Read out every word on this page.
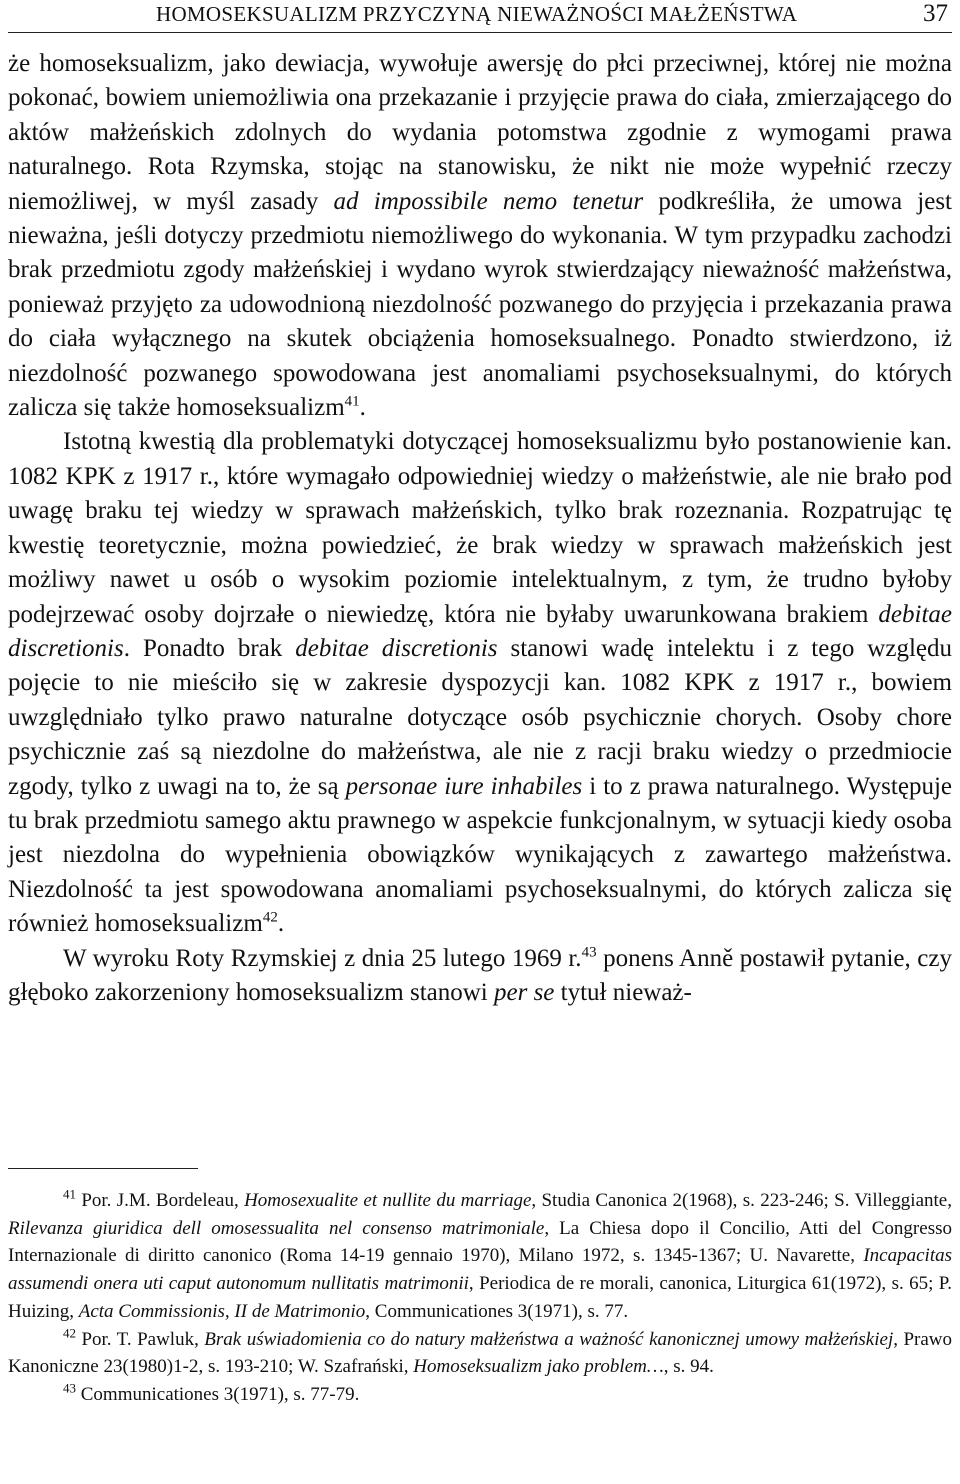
HOMOSEKSUALIZM PRZYCZYNĄ NIEWAŻNOŚCI MAŁŻEŃSTWA	37

że homoseksualizm, jako dewiacja, wywołuje awersję do płci przeciwnej, której nie można pokonać, bowiem uniemożliwia ona przekazanie i przyjęcie prawa do ciała, zmierzającego do aktów małżeńskich zdolnych do wydania potomstwa zgodnie z wymogami prawa naturalnego. Rota Rzymska, stojąc na stanowisku, że nikt nie może wypełnić rzeczy niemożliwej, w myśl zasady ad impossibile nemo tenetur podkreśliła, że umowa jest nieważna, jeśli dotyczy przedmiotu niemożliwego do wykonania. W tym przypadku zachodzi brak przedmiotu zgody małżeńskiej i wydano wyrok stwierdzający nieważność małżeństwa, ponieważ przyjęto za udowodnioną niezdolność pozwanego do przyjęcia i przekazania prawa do ciała wyłącznego na skutek obciążenia homoseksualnego. Ponadto stwierdzono, iż niezdolność pozwanego spowodowana jest anomaliami psychoseksualnymi, do których zalicza się także homoseksualizm$^{41}$.

Istotną kwestią dla problematyki dotyczącej homoseksualizmu było postanowienie kan. 1082 KPK z 1917 r., które wymagało odpowiedniej wiedzy o małżeństwie, ale nie brało pod uwagę braku tej wiedzy w sprawach małżeńskich, tylko brak rozeznania. Rozpatrując tę kwestię teoretycznie, można powiedzieć, że brak wiedzy w sprawach małżeńskich jest możliwy nawet u osób o wysokim poziomie intelektualnym, z tym, że trudno byłoby podejrzewać osoby dojrzałe o niewiedzę, która nie byłaby uwarunkowana brakiem debitae discretionis. Ponadto brak debitae discretionis stanowi wadę intelektu i z tego względu pojęcie to nie mieściło się w zakresie dyspozycji kan. 1082 KPK z 1917 r., bowiem uwzględniało tylko prawo naturalne dotyczące osób psychicznie chorych. Osoby chore psychicznie zaś są niezdolne do małżeństwa, ale nie z racji braku wiedzy o przedmiocie zgody, tylko z uwagi na to, że są personae iure inhabiles i to z prawa naturalnego. Występuje tu brak przedmiotu samego aktu prawnego w aspekcie funkcjonalnym, w sytuacji kiedy osoba jest niezdolna do wypełnienia obowiązków wynikających z zawartego małżeństwa. Niezdolność ta jest spowodowana anomaliami psychoseksualnymi, do których zalicza się również homoseksualizm$^{42}$.

W wyroku Roty Rzymskiej z dnia 25 lutego 1969 r.$^{43}$ ponens Anně postawił pytanie, czy głęboko zakorzeniony homoseksualizm stanowi per se tytuł nieważ-

$^{41}$ Por. J.M. Bordeleau, Homosexualite et nullite du marriage, Studia Canonica 2(1968), s. 223-246; S. Villeggiante, Rilevanza giuridica dell omosessualita nel consenso matrimoniale, La Chiesa dopo il Concilio, Atti del Congresso Internazionale di diritto canonico (Roma 14-19 gennaio 1970), Milano 1972, s. 1345-1367; U. Navarette, Incapacitas assumendi onera uti caput autonomum nullitatis matrimonii, Periodica de re morali, canonica, Liturgica 61(1972), s. 65; P. Huizing, Acta Commissionis, II de Matrimonio, Communicationes 3(1971), s. 77.

$^{42}$ Por. T. Pawluk, Brak uświadomienia co do natury małżeństwa a ważność kanonicznej umowy małżeńskiej, Prawo Kanoniczne 23(1980)1-2, s. 193-210; W. Szafrański, Homoseksualizm jako problem…, s. 94.

$^{43}$ Communicationes 3(1971), s. 77-79.
